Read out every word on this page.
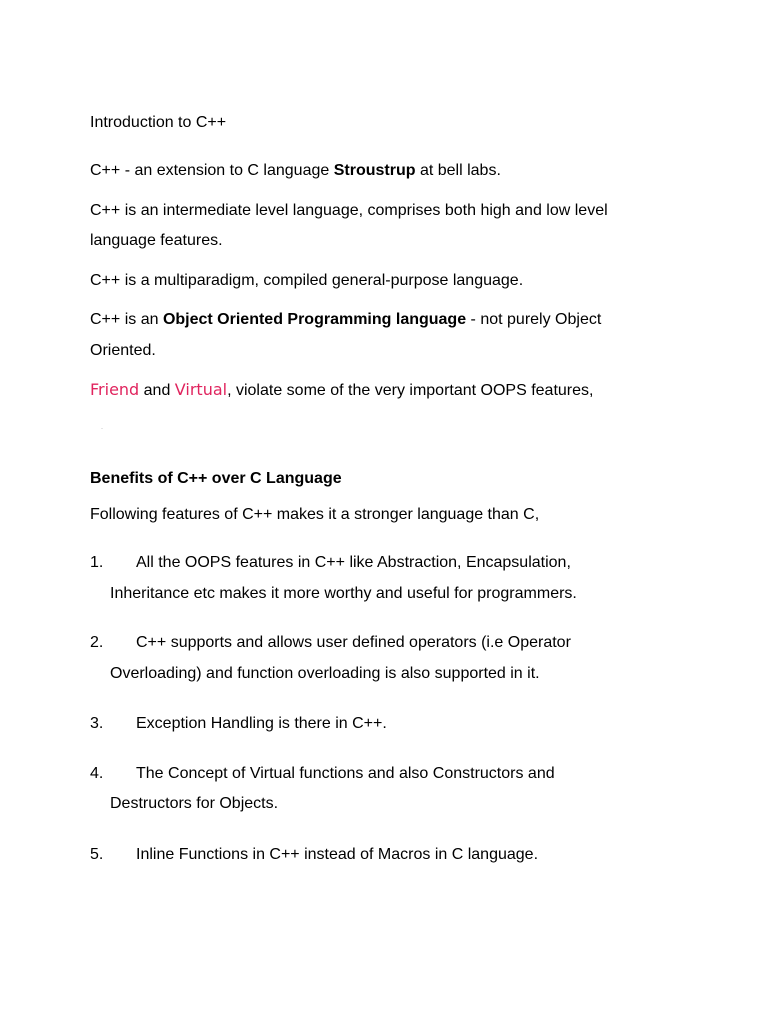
Introduction to C++
C++ - an extension to C language Stroustrup at bell labs.
C++ is an intermediate level language, comprises both high and low level
language features.
C++ is a multiparadigm, compiled general-purpose language.
C++ is an Object Oriented Programming language - not purely Object
Oriented.
Friend and Virtual, violate some of the very important OOPS features,
Benefits of C++ over C Language
Following features of C++ makes it a stronger language than C,
1. All the OOPS features in C++ like Abstraction, Encapsulation,
Inheritance etc makes it more worthy and useful for programmers.
2. C++ supports and allows user defined operators (i.e Operator
Overloading) and function overloading is also supported in it.
3. Exception Handling is there in C++.
4. The Concept of Virtual functions and also Constructors and
Destructors for Objects.
5. Inline Functions in C++ instead of Macros in C language.
